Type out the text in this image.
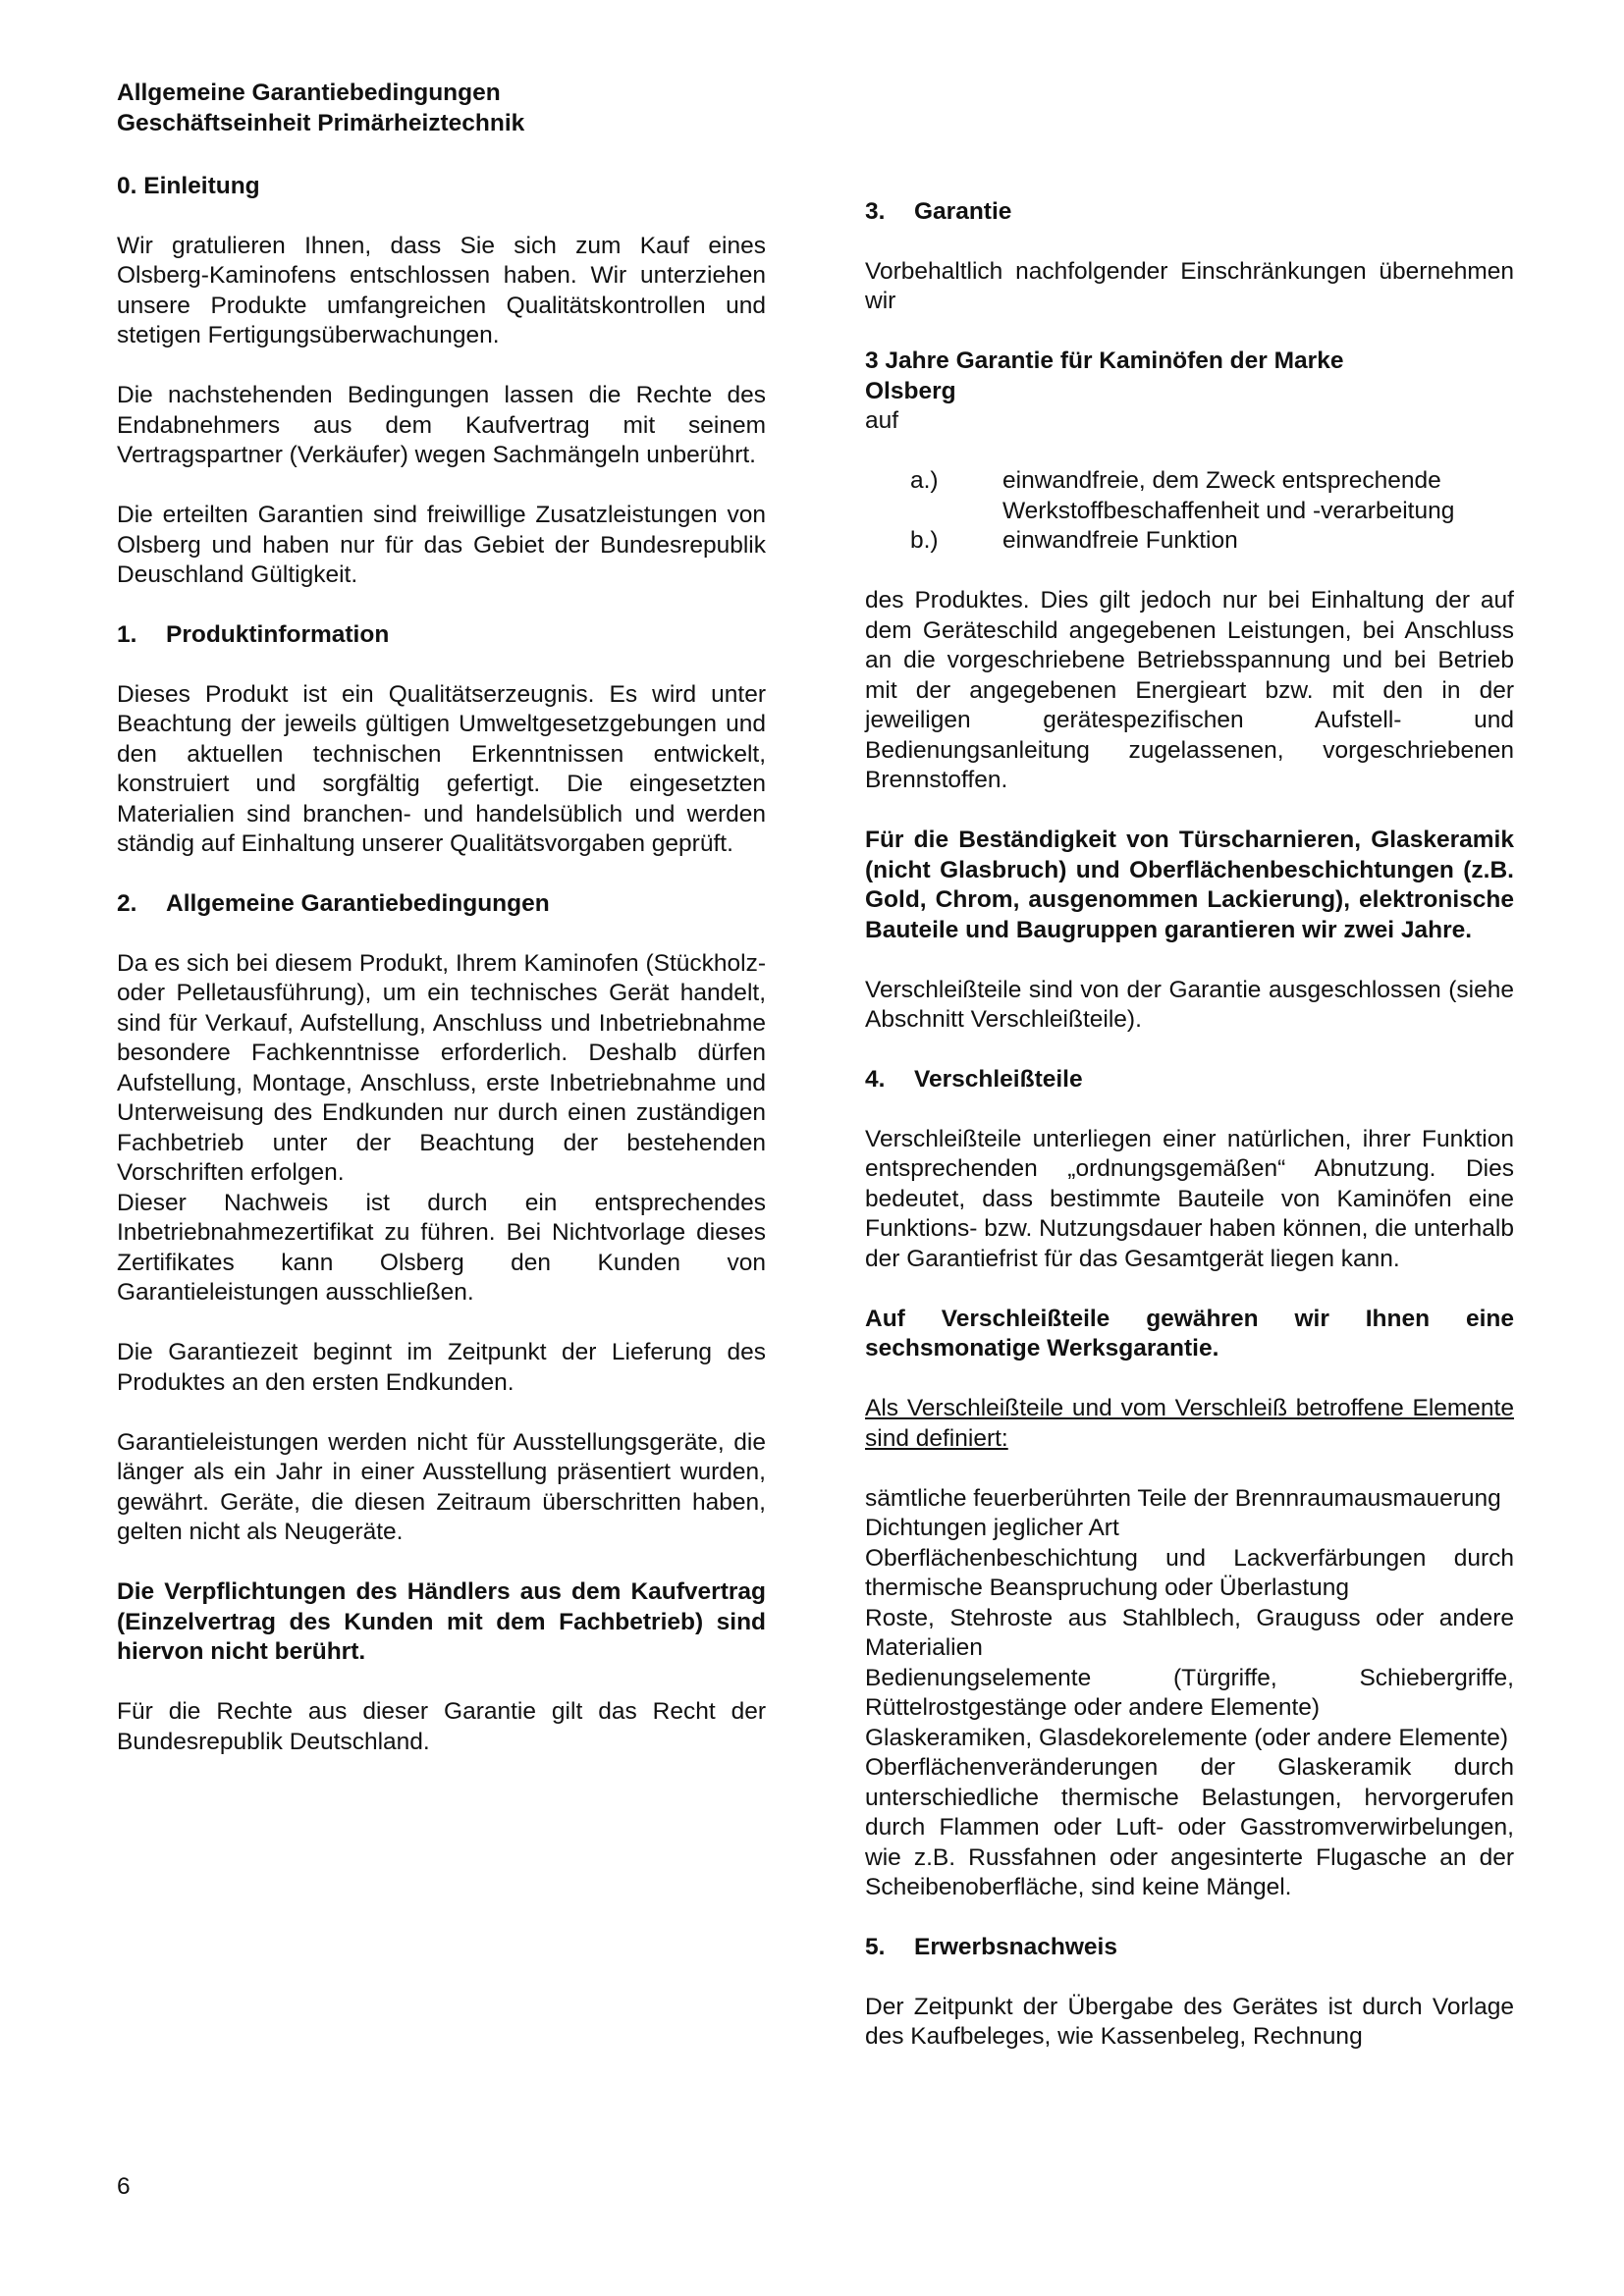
Allgemeine Garantiebedingungen
Geschäftseinheit Primärheiztechnik
0. Einleitung

Wir gratulieren Ihnen, dass Sie sich zum Kauf eines Olsberg-Kaminofens entschlossen haben. Wir unterziehen unsere Produkte umfangreichen Qualitätskontrollen und stetigen Fertigungsüberwachungen.

Die nachstehenden Bedingungen lassen die Rechte des Endabnehmers aus dem Kaufvertrag mit seinem Vertragspartner (Verkäufer) wegen Sachmängeln unberührt.

Die erteilten Garantien sind freiwillige Zusatzleistungen von Olsberg und haben nur für das Gebiet der Bundesrepublik Deuschland Gültigkeit.

1. Produktinformation

Dieses Produkt ist ein Qualitätserzeugnis. Es wird unter Beachtung der jeweils gültigen Umweltgesetzgebungen und den aktuellen technischen Erkenntnissen entwickelt, konstruiert und sorgfältig gefertigt. Die eingesetzten Materialien sind branchen- und handelsüblich und werden ständig auf Einhaltung unserer Qualitätsvorgaben geprüft.

2. Allgemeine Garantiebedingungen

Da es sich bei diesem Produkt, Ihrem Kaminofen (Stückholz- oder Pelletausführung), um ein technisches Gerät handelt, sind für Verkauf, Aufstellung, Anschluss und Inbetriebnahme besondere Fachkenntnisse erforderlich. Deshalb dürfen Aufstellung, Montage, Anschluss, erste Inbetriebnahme und Unterweisung des Endkunden nur durch einen zuständigen Fachbetrieb unter der Beachtung der bestehenden Vorschriften erfolgen.

Dieser Nachweis ist durch ein entsprechendes Inbetriebnahmezertifikat zu führen. Bei Nichtvorlage dieses Zertifikates kann Olsberg den Kunden von Garantieleistungen ausschließen.

Die Garantiezeit beginnt im Zeitpunkt der Lieferung des Produktes an den ersten Endkunden.

Garantieleistungen werden nicht für Ausstellungsgeräte, die länger als ein Jahr in einer Ausstellung präsentiert wurden, gewährt. Geräte, die diesen Zeitraum überschritten haben, gelten nicht als Neugeräte.

Die Verpflichtungen des Händlers aus dem Kaufvertrag (Einzelvertrag des Kunden mit dem Fachbetrieb) sind hiervon nicht berührt.

Für die Rechte aus dieser Garantie gilt das Recht der Bundesrepublik Deutschland.

3. Garantie

Vorbehaltlich nachfolgender Einschränkungen übernehmen wir

3 Jahre Garantie für Kaminöfen der Marke
Olsberg
auf
a.)	einwandfreie, dem Zweck entsprechende Werkstoffbeschaffenheit und -verarbeitung
b.)	einwandfreie Funktion

des Produktes. Dies gilt jedoch nur bei Einhaltung der auf dem Geräteschild angegebenen Leistungen, bei Anschluss an die vorgeschriebene Betriebsspannung und bei Betrieb mit der angegebenen Energieart bzw. mit den in der jeweiligen gerätespezifischen Aufstell- und Bedienungsanleitung zugelassenen, vorgeschriebenen Brennstoffen.

Für die Beständigkeit von Türscharnieren, Glaskeramik (nicht Glasbruch) und Oberflächenbeschichtungen (z.B. Gold, Chrom, ausgenommen Lackierung), elektronische Bauteile und Baugruppen garantieren wir zwei Jahre.

Verschleißteile sind von der Garantie ausgeschlossen (siehe Abschnitt Verschleißteile).

4. Verschleißteile

Verschleißteile unterliegen einer natürlichen, ihrer Funktion entsprechenden „ordnungsgemäßen“ Abnutzung. Dies bedeutet, dass bestimmte Bauteile von Kaminöfen eine Funktions- bzw. Nutzungsdauer haben können, die unterhalb der Garantiefrist für das Gesamtgerät liegen kann.

Auf Verschleißteile gewähren wir Ihnen eine sechsmonatige Werksgarantie.

Als Verschleißteile und vom Verschleiß betroffene Elemente sind definiert:

sämtliche feuerberührten Teile der Brennraumausmauerung

Dichtungen jeglicher Art

Oberflächenbeschichtung und Lackverfärbungen durch thermische Beanspruchung oder Überlastung

Roste, Stehroste aus Stahlblech, Grauguss oder andere Materialien

Bedienungselemente (Türgriffe, Schiebergriffe, Rüttelrostgestänge oder andere Elemente)

Glaskeramiken, Glasdekorelemente (oder andere Elemente)

Oberflächenveränderungen der Glaskeramik durch unterschiedliche thermische Belastungen, hervorgerufen durch Flammen oder Luft- oder Gasstromverwirbelungen, wie z.B. Russfahnen oder angesinterte Flugasche an der Scheibenoberfläche, sind keine Mängel.

5. Erwerbsnachweis

Der Zeitpunkt der Übergabe des Gerätes ist durch Vorlage des Kaufbeleges, wie Kassenbeleg, Rechnung

6
